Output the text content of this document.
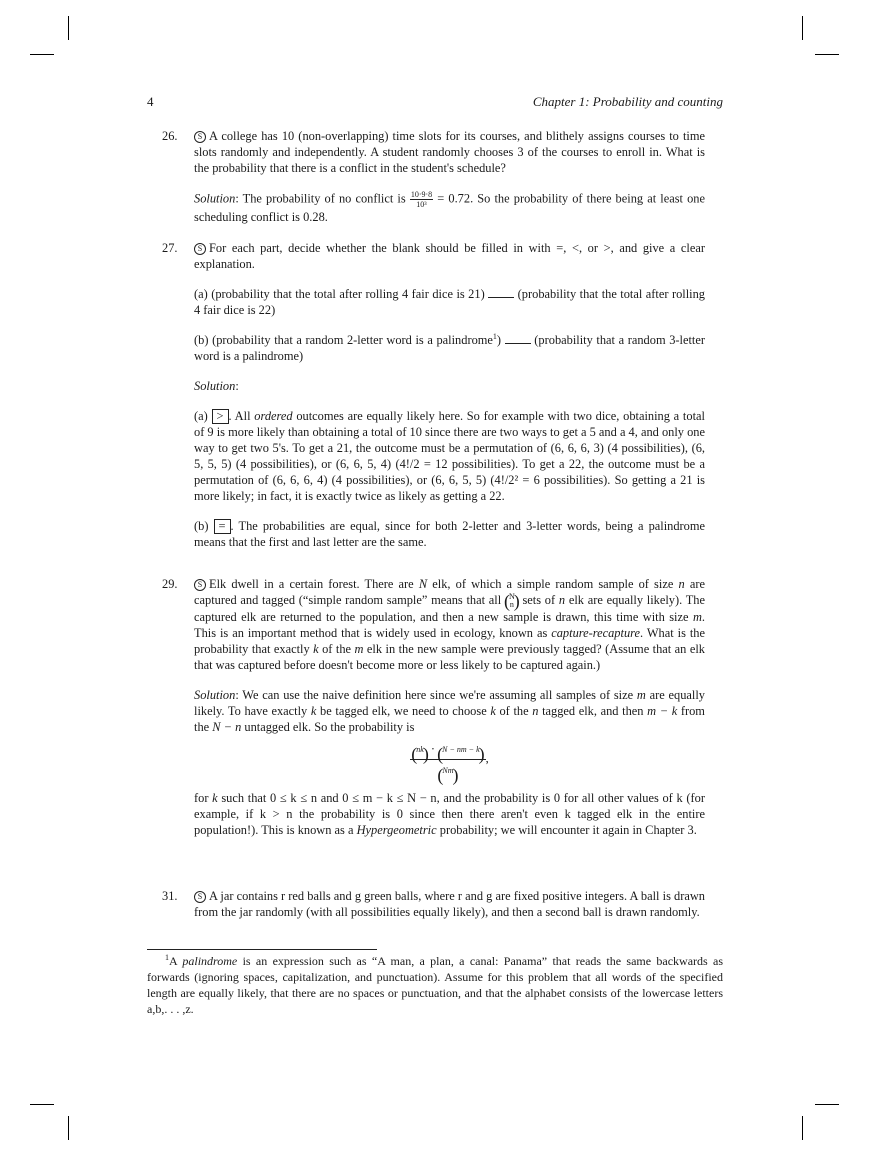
4	Chapter 1: Probability and counting
26.	S A college has 10 (non-overlapping) time slots for its courses, and blithely assigns courses to time slots randomly and independently. A student randomly chooses 3 of the courses to enroll in. What is the probability that there is a conflict in the student's schedule?

Solution: The probability of no conflict is $\frac{10\cdot 9\cdot 8}{\text{10³}} = 0.72$. So the probability of there being at least one scheduling conflict is 0.28.

27.	S For each part, decide whether the blank should be filled in with =, <, or >, and give a clear explanation.

(a) (probability that the total after rolling 4 fair dice is 21)	(probability that the total after rolling 4 fair dice is 22)

(b) (probability that a random 2-letter word is a palindrome$^1$)	(probability that a random 3-letter word is a palindrome)

Solution:

(a) > . All ordered outcomes are equally likely here. So for example with two dice, obtaining a total of 9 is more likely than obtaining a total of 10 since there are two ways to get a 5 and a 4, and only one way to get two 5's. To get a 21, the outcome must be a permutation of (6, 6, 6, 3) (4 possibilities), (6, 5, 5, 5) (4 possibilities), or (6, 6, 5, 4) (4!/2 = 12 possibilities). To get a 22, the outcome must be a permutation of (6, 6, 6, 4) (4 possibilities), or (6, 6, 5, 5) (4!/2² = 6 possibilities). So getting a 21 is more likely; in fact, it is exactly twice as likely as getting a 22.

(b) = . The probabilities are equal, since for both 2-letter and 3-letter words, being a palindrome means that the first and last letter are the same.

29.	S Elk dwell in a certain forest. There are N elk, of which a simple random sample of size n are captured and tagged (“simple random sample” means that all
( N
n
) sets of n elk are equally likely). The captured elk are returned to the population, and then a new sample is drawn, this time with size m. This is an important method that is widely used in ecology, known as capture-recapture. What is the probability that exactly k of the m elk in the new sample were previously tagged? (Assume that an elk that was captured before doesn't become more or less likely to be captured again.)

Solution: We can use the naive definition here since we're assuming all samples of size m are equally likely. To have exactly k be tagged elk, we need to choose k of the n tagged elk, and then m − k from the N − n untagged elk. So the probability is

( nk ) · ( N − nm − k )
( Nm ) ,

for k such that 0 ≤ k ≤ n and 0 ≤ m − k ≤ N − n, and the probability is 0 for all other values of k (for example, if k > n the probability is 0 since then there aren't even k tagged elk in the entire population!). This is known as a Hypergeometric probability; we will encounter it again in Chapter 3.

31.	S A jar contains r red balls and g green balls, where r and g are fixed positive integers. A ball is drawn from the jar randomly (with all possibilities equally likely), and then a second ball is drawn randomly.

$^1$A palindrome is an expression such as “A man, a plan, a canal: Panama” that reads the same backwards as forwards (ignoring spaces, capitalization, and punctuation). Assume for this problem that all words of the specified length are equally likely, that there are no spaces or punctuation, and that the alphabet consists of the lowercase letters a,b,. . . ,z.
